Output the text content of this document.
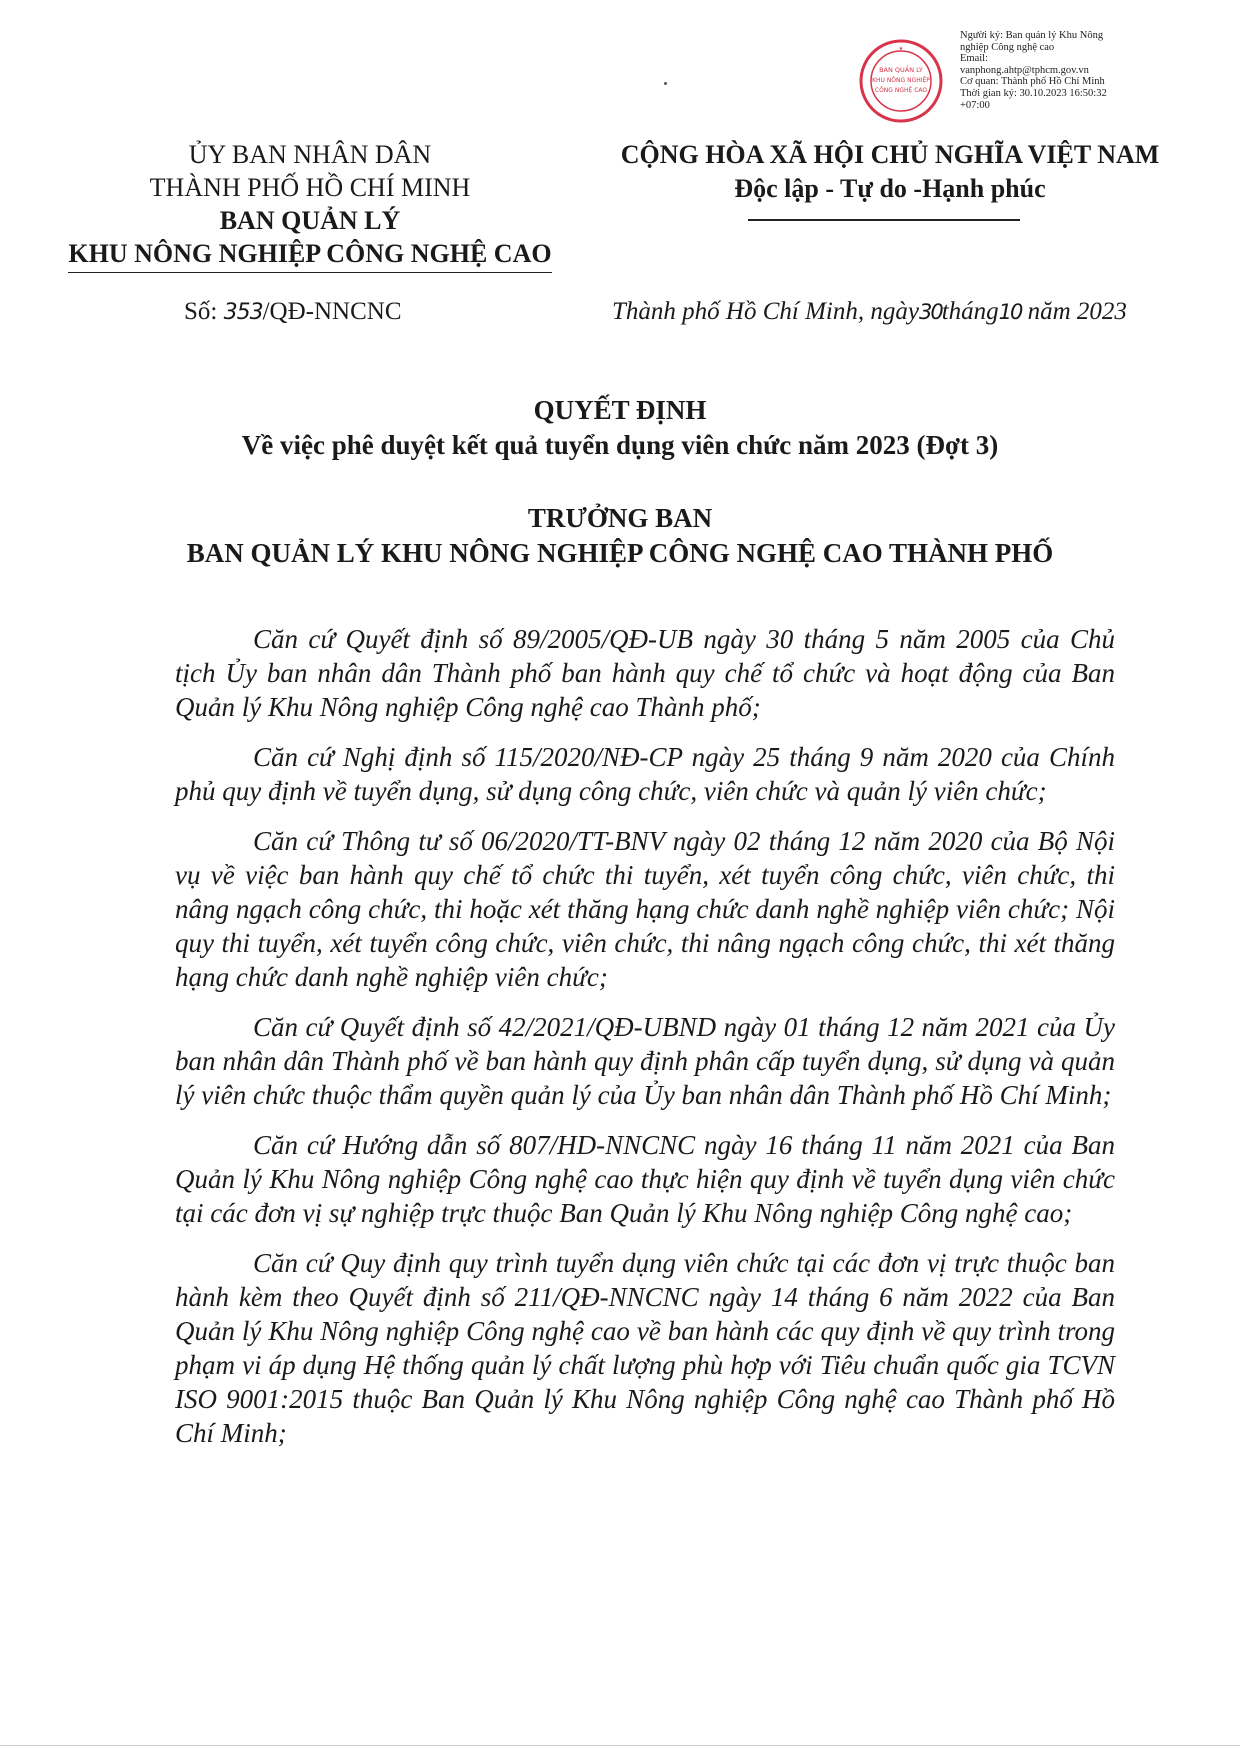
BAN QUẢN LÝ
KHU NÔNG NGHIỆP
CÔNG NGHỆ CAO
★
Người ký: Ban quản lý Khu Nông
nghiệp Công nghệ cao
Email:
vanphong.ahtp@tphcm.gov.vn
Cơ quan: Thành phố Hồ Chí Minh
Thời gian ký: 30.10.2023 16:50:32
+07:00
ỦY BAN NHÂN DÂN
THÀNH PHỐ HỒ CHÍ MINH
BAN QUẢN LÝ
KHU NÔNG NGHIỆP CÔNG NGHỆ CAO
CỘNG HÒA XÃ HỘI CHỦ NGHĨA VIỆT NAM
Độc lập - Tự do -Hạnh phúc
Số: 353/QĐ-NNCNC	Thành phố Hồ Chí Minh, ngày30tháng10 năm 2023
QUYẾT ĐỊNH
Về việc phê duyệt kết quả tuyển dụng viên chức năm 2023 (Đợt 3)
TRƯỞNG BAN
BAN QUẢN LÝ KHU NÔNG NGHIỆP CÔNG NGHỆ CAO THÀNH PHỐ

Căn cứ Quyết định số 89/2005/QĐ-UB ngày 30 tháng 5 năm 2005 của Chủ tịch Ủy ban nhân dân Thành phố ban hành quy chế tổ chức và hoạt động của Ban Quản lý Khu Nông nghiệp Công nghệ cao Thành phố;

Căn cứ Nghị định số 115/2020/NĐ-CP ngày 25 tháng 9 năm 2020 của Chính phủ quy định về tuyển dụng, sử dụng công chức, viên chức và quản lý viên chức;

Căn cứ Thông tư số 06/2020/TT-BNV ngày 02 tháng 12 năm 2020 của Bộ Nội vụ về việc ban hành quy chế tổ chức thi tuyển, xét tuyển công chức, viên chức, thi nâng ngạch công chức, thi hoặc xét thăng hạng chức danh nghề nghiệp viên chức; Nội quy thi tuyển, xét tuyển công chức, viên chức, thi nâng ngạch công chức, thi xét thăng hạng chức danh nghề nghiệp viên chức;

Căn cứ Quyết định số 42/2021/QĐ-UBND ngày 01 tháng 12 năm 2021 của Ủy ban nhân dân Thành phố về ban hành quy định phân cấp tuyển dụng, sử dụng và quản lý viên chức thuộc thẩm quyền quản lý của Ủy ban nhân dân Thành phố Hồ Chí Minh;

Căn cứ Hướng dẫn số 807/HD-NNCNC ngày 16 tháng 11 năm 2021 của Ban Quản lý Khu Nông nghiệp Công nghệ cao thực hiện quy định về tuyển dụng viên chức tại các đơn vị sự nghiệp trực thuộc Ban Quản lý Khu Nông nghiệp Công nghệ cao;

Căn cứ Quy định quy trình tuyển dụng viên chức tại các đơn vị trực thuộc ban hành kèm theo Quyết định số 211/QĐ-NNCNC ngày 14 tháng 6 năm 2022 của Ban Quản lý Khu Nông nghiệp Công nghệ cao về ban hành các quy định về quy trình trong phạm vi áp dụng Hệ thống quản lý chất lượng phù hợp với Tiêu chuẩn quốc gia TCVN ISO 9001:2015 thuộc Ban Quản lý Khu Nông nghiệp Công nghệ cao Thành phố Hồ Chí Minh;
